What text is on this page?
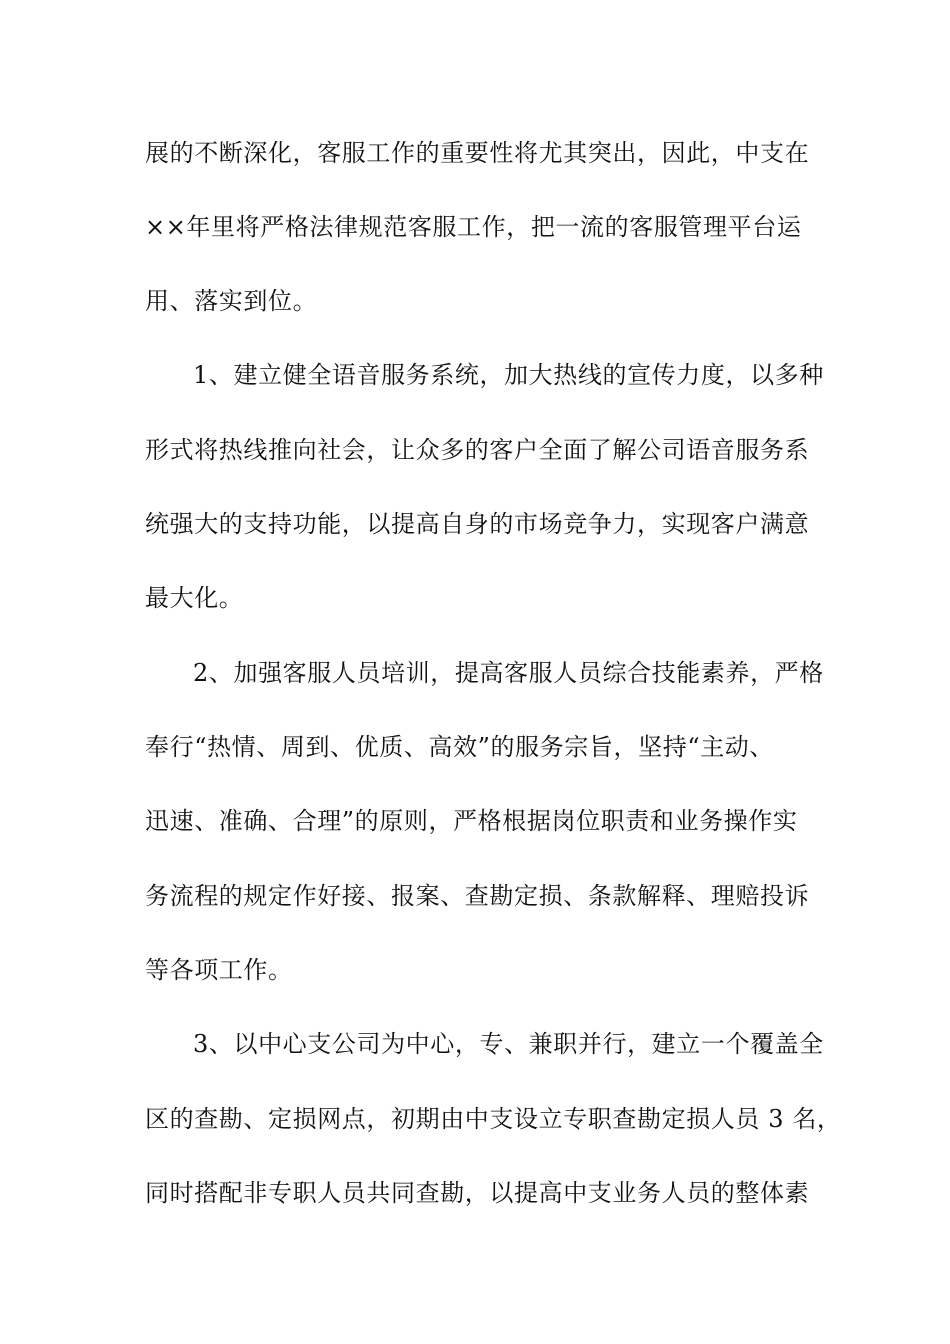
展的不断深化，客服工作的重要性将尤其突出，因此，中支在
××年里将严格法律规范客服工作，把一流的客服管理平台运
用、落实到位。
1、建立健全语音服务系统，加大热线的宣传力度，以多种
形式将热线推向社会，让众多的客户全面了解公司语音服务系
统强大的支持功能，以提高自身的市场竞争力，实现客户满意
最大化。
2、加强客服人员培训，提高客服人员综合技能素养，严格
奉行“热情、周到、优质、高效”的服务宗旨，坚持“主动、
迅速、准确、合理”的原则，严格根据岗位职责和业务操作实
务流程的规定作好接、报案、查勘定损、条款解释、理赔投诉
等各项工作。
3、以中心支公司为中心，专、兼职并行，建立一个覆盖全
区的查勘、定损网点，初期由中支设立专职查勘定损人员 3 名，
同时搭配非专职人员共同查勘，以提高中支业务人员的整体素
